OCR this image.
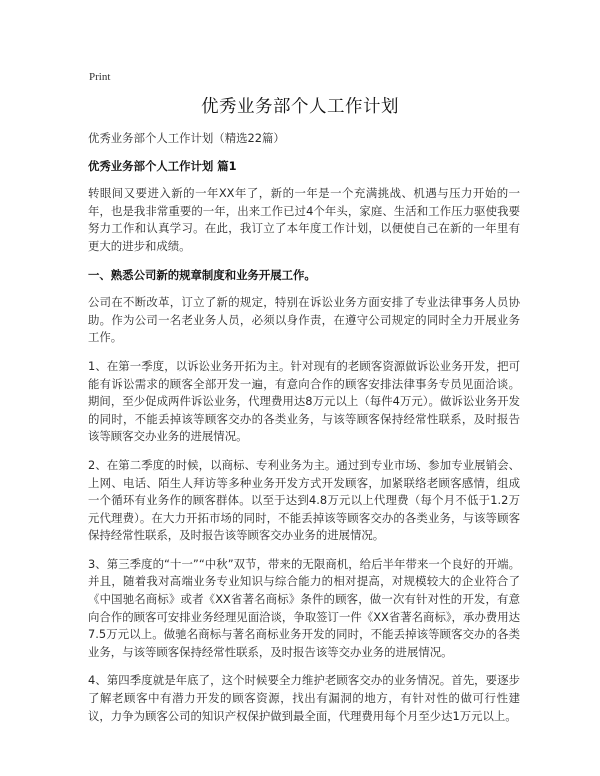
Print
优秀业务部个人工作计划

优秀业务部个人工作计划（精选22篇）

优秀业务部个人工作计划 篇1

转眼间又要进入新的一年XX年了，新的一年是一个充满挑战、机遇与压力开始的一年，也是我非常重要的一年，出来工作已过4个年头，家庭、生活和工作压力驱使我要努力工作和认真学习。在此，我订立了本年度工作计划，以便使自己在新的一年里有更大的进步和成绩。

一、熟悉公司新的规章制度和业务开展工作。

公司在不断改革，订立了新的规定，特别在诉讼业务方面安排了专业法律事务人员协助。作为公司一名老业务人员，必须以身作责，在遵守公司规定的同时全力开展业务工作。

1、在第一季度，以诉讼业务开拓为主。针对现有的老顾客资源做诉讼业务开发，把可能有诉讼需求的顾客全部开发一遍，有意向合作的顾客安排法律事务专员见面洽谈。期间，至少促成两件诉讼业务，代理费用达8万元以上（每件4万元）。做诉讼业务开发的同时，不能丢掉该等顾客交办的各类业务，与该等顾客保持经常性联系，及时报告该等顾客交办业务的进展情况。

2、在第二季度的时候，以商标、专利业务为主。通过到专业市场、参加专业展销会、上网、电话、陌生人拜访等多种业务开发方式开发顾客，加紧联络老顾客感情，组成一个循环有业务作的顾客群体。以至于达到4.8万元以上代理费（每个月不低于1.2万元代理费）。在大力开拓市场的同时，不能丢掉该等顾客交办的各类业务，与该等顾客保持经常性联系，及时报告该等顾客交办业务的进展情况。

3、第三季度的“十一”“中秋”双节，带来的无限商机，给后半年带来一个良好的开端。并且，随着我对高端业务专业知识与综合能力的相对提高，对规模较大的企业符合了《中国驰名商标》或者《XX省著名商标》条件的顾客，做一次有针对性的开发，有意向合作的顾客可安排业务经理见面洽谈，争取签订一件《XX省著名商标》，承办费用达7.5万元以上。做驰名商标与著名商标业务开发的同时，不能丢掉该等顾客交办的各类业务，与该等顾客保持经常性联系，及时报告该等交办业务的进展情况。

4、第四季度就是年底了，这个时候要全力维护老顾客交办的业务情况。首先，要逐步了解老顾客中有潜力开发的顾客资源，找出有漏洞的地方，有针对性的做可行性建议，力争为顾客公司的知识产权保护做到最全面，代理费用每个月至少达1万元以上。
